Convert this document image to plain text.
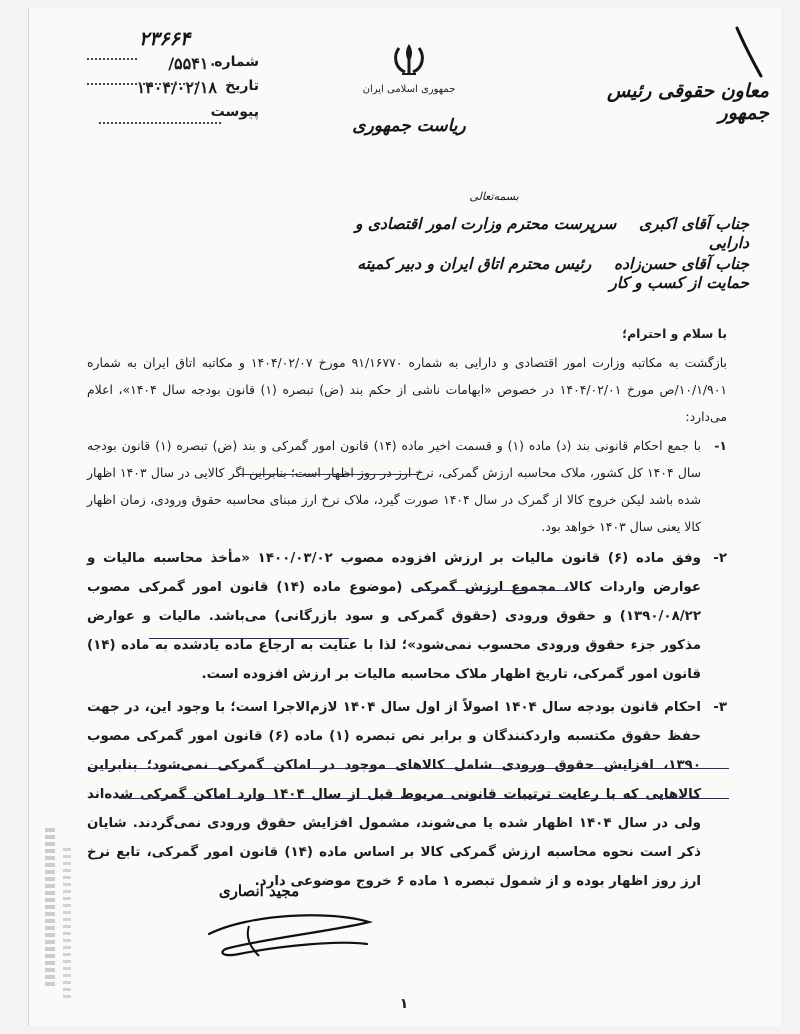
۲۳۶۶۴
شماره
۵۵۴۱۰/
تاریخ
۱۴۰۴/۰۲/۱۸
پیوست
جمهوری اسلامی ایران
ریاست جمهوری
معاون حقوقی رئیس جمهور
بسمه‌تعالی
جناب آقای اکبری  سرپرست محترم وزارت امور اقتصادی و دارایی
جناب آقای حسن‌زاده  رئیس محترم اتاق ایران و دبیر کمیته حمایت از کسب و کار

با سلام و احترام؛

بازگشت به مکاتبه وزارت امور اقتصادی و دارایی به شماره ۹۱/۱۶۷۷۰ مورخ ۱۴۰۴/۰۲/۰۷ و مکاتبه اتاق ایران به شماره ۱۰/۱/۹۰۱/ص مورخ ۱۴۰۴/۰۲/۰۱ در خصوص «ابهامات ناشی از حکم بند (ض) تبصره (۱) قانون بودجه سال ۱۴۰۴»، اعلام می‌دارد:

۱-
با جمع احکام قانونی بند (د) ماده (۱) و قسمت اخیر ماده (۱۴) قانون امور گمرکی و بند (ض) تبصره (۱) قانون بودجه سال ۱۴۰۴ کل کشور، ملاک محاسبه ارزش گمرکی، نرخ ارز در روز اظهار است؛ بنابراین اگر کالایی در سال ۱۴۰۳ اظهار شده باشد لیکن خروج کالا از گمرک در سال ۱۴۰۴ صورت گیرد، ملاک نرخ ارز مبنای محاسبه حقوق ورودی، زمان اظهار کالا یعنی سال ۱۴۰۳ خواهد بود.
۲-
وفق ماده (۶) قانون مالیات بر ارزش افزوده مصوب ۱۴۰۰/۰۳/۰۲ «مأخذ محاسبه مالیات و عوارض واردات کالا، مجموع ارزش گمرکی (موضوع ماده (۱۴) قانون امور گمرکی مصوب ۱۳۹۰/۰۸/۲۲) و حقوق ورودی (حقوق گمرکی و سود بازرگانی) می‌باشد. مالیات و عوارض مذکور جزء حقوق ورودی محسوب نمی‌شود»؛ لذا با عنایت به ارجاع ماده یادشده به ماده (۱۴) قانون امور گمرکی، تاریخ اظهار ملاک محاسبه مالیات بر ارزش افزوده است.
۳-
احکام قانون بودجه سال ۱۴۰۴ اصولاً از اول سال ۱۴۰۴ لازم‌الاجرا است؛ با وجود این، در جهت حفظ حقوق مکتسبه واردکنندگان و برابر نص تبصره (۱) ماده (۶) قانون امور گمرکی مصوب ۱۳۹۰، افزایش حقوق ورودی شامل کالاهای موجود در اماکن گمرکی نمی‌شود؛ بنابراین کالاهایی که با رعایت ترتیبات قانونی مربوط قبل از سال ۱۴۰۴ وارد اماکن گمرکی شده‌اند ولی در سال ۱۴۰۴ اظهار شده یا می‌شوند، مشمول افزایش حقوق ورودی نمی‌گردند. شایان ذکر است نحوه محاسبه ارزش گمرکی کالا بر اساس ماده (۱۴) قانون امور گمرکی، تابع نرخ ارز روز اظهار بوده و از شمول تبصره ۱ ماده ۶ خروج موضوعی دارد.
مجید انصاری
۱
